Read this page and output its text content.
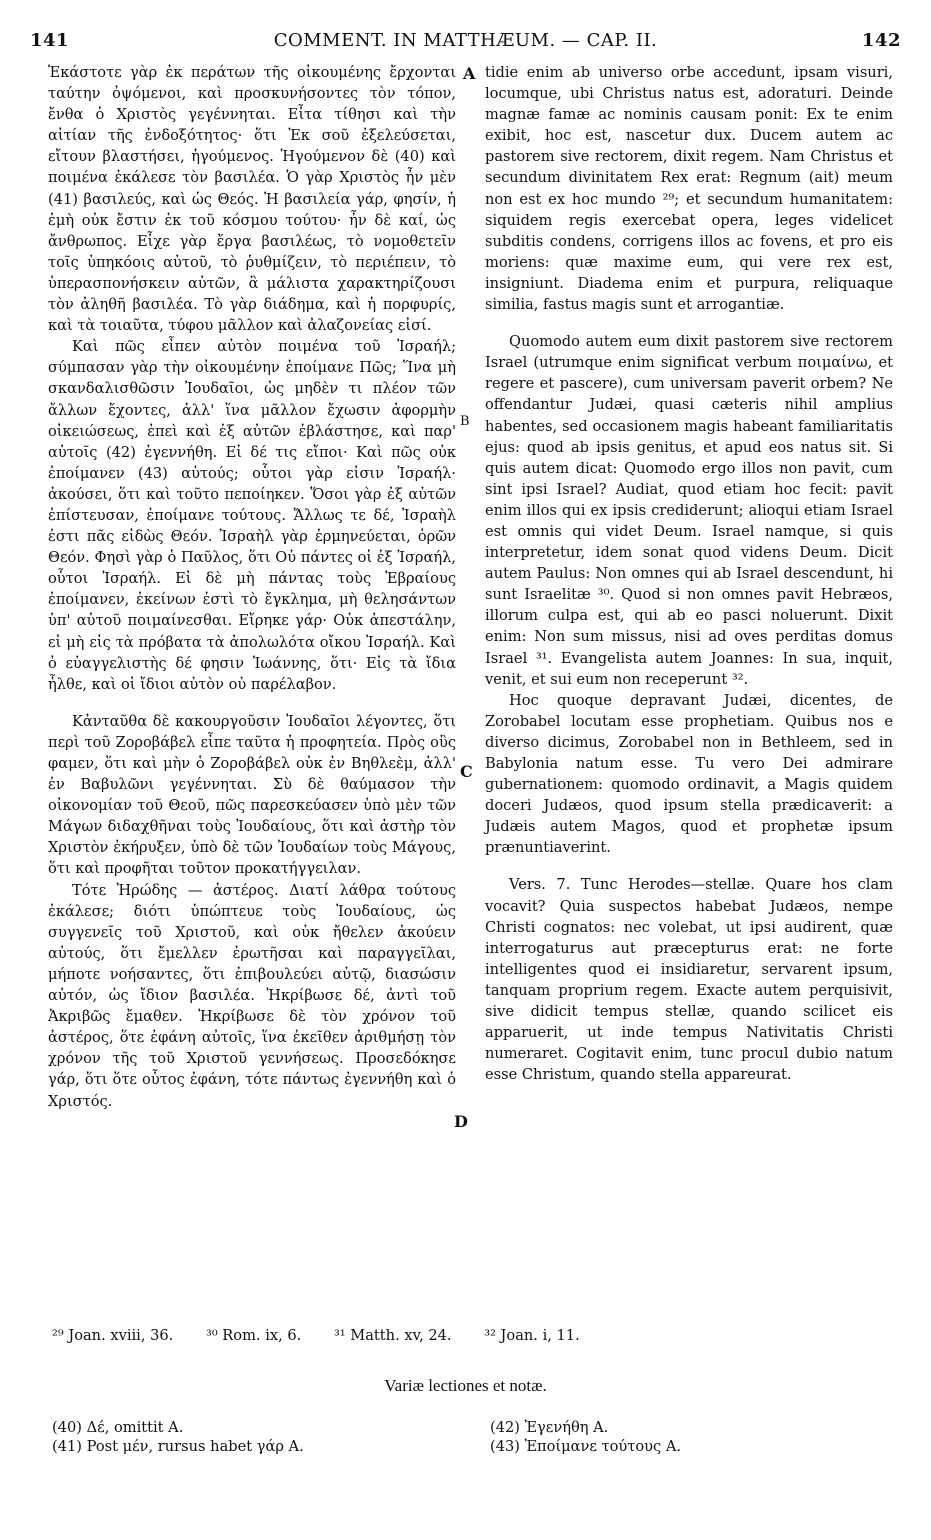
141	COMMENT. IN MATTHÆUM. — CAP. II.	142
A
B
C
D

Ἑκάστοτε γὰρ ἐκ περάτων τῆς οἰκουμένης ἔρχονται ταύτην ὀψόμενοι, καὶ προσκυνήσοντες τὸν τόπον, ἔνθα ὁ Χριστὸς γεγέννηται. Εἶτα τίθησι καὶ τὴν αἰτίαν τῆς ἐνδοξότητος· ὅτι Ἐκ σοῦ ἐξελεύσεται, εἴτουν βλαστήσει, ἡγούμενος. Ἡγούμενον δὲ (40) καὶ ποιμένα ἐκάλεσε τὸν βασιλέα. Ὁ γὰρ Χριστὸς ἦν μὲν (41) βασιλεύς, καὶ ὡς Θεός. Ἡ βασιλεία γάρ, φησίν, ἡ ἐμὴ οὐκ ἔστιν ἐκ τοῦ κόσμου τούτου· ἦν δὲ καί, ὡς ἄνθρωπος. Εἶχε γὰρ ἔργα βασιλέως, τὸ νομοθετεῖν τοῖς ὑπηκόοις αὐτοῦ, τὸ ῥυθμίζειν, τὸ περιέπειν, τὸ ὑπερασπονήσκειν αὐτῶν, ἃ μάλιστα χαρακτηρίζουσι τὸν ἀληθῆ βασιλέα. Τὸ γὰρ διάδημα, καὶ ἡ πορφυρίς, καὶ τὰ τοιαῦτα, τύφου μᾶλλον καὶ ἀλαζονείας εἰσί.

Καὶ πῶς εἶπεν αὐτὸν ποιμένα τοῦ Ἰσραήλ; σύμπασαν γὰρ τὴν οἰκουμένην ἐποίμανε Πῶς; Ἵνα μὴ σκανδαλισθῶσιν Ἰουδαῖοι, ὡς μηδὲν τι πλέον τῶν ἄλλων ἔχοντες, ἀλλ' ἵνα μᾶλλον ἔχωσιν ἀφορμὴν οἰκειώσεως, ἐπεὶ καὶ ἐξ αὐτῶν ἐβλάστησε, καὶ παρ' αὐτοῖς (42) ἐγεννήθη. Εἰ δέ τις εἴποι· Καὶ πῶς οὐκ ἐποίμανεν (43) αὐτούς; οὗτοι γὰρ εἰσιν Ἰσραήλ· ἀκούσει, ὅτι καὶ τοῦτο πεποίηκεν. Ὅσοι γὰρ ἐξ αὐτῶν ἐπίστευσαν, ἐποίμανε τούτους. Ἄλλως τε δέ, Ἰσραὴλ ἐστι πᾶς εἰδὼς Θεόν. Ἰσραὴλ γὰρ ἑρμηνεύεται, ὁρῶν Θεόν. Φησὶ γὰρ ὁ Παῦλος, ὅτι Οὐ πάντες οἱ ἐξ Ἰσραήλ, οὗτοι Ἰσραήλ. Εἰ δὲ μὴ πάντας τοὺς Ἑβραίους ἐποίμανεν, ἐκείνων ἐστὶ τὸ ἔγκλημα, μὴ θελησάντων ὑπ' αὐτοῦ ποιμαίνεσθαι. Εἴρηκε γάρ· Οὐκ ἀπεστάλην, εἰ μὴ εἰς τὰ πρόβατα τὰ ἀπολωλότα οἴκου Ἰσραήλ. Καὶ ὁ εὐαγγελιστὴς δέ φησιν Ἰωάννης, ὅτι· Εἰς τὰ ἴδια ἦλθε, καὶ οἱ ἴδιοι αὐτὸν οὐ παρέλαβον.

Κἀνταῦθα δὲ κακουργοῦσιν Ἰουδαῖοι λέγοντες, ὅτι περὶ τοῦ Ζοροβάβελ εἶπε ταῦτα ἡ προφητεία. Πρὸς οὓς φαμεν, ὅτι καὶ μὴν ὁ Ζοροβάβελ οὐκ ἐν Βηθλεὲμ, ἀλλ' ἐν Βαβυλῶνι γεγέννηται. Σὺ δὲ θαύμασον τὴν οἰκονομίαν τοῦ Θεοῦ, πῶς παρεσκεύασεν ὑπὸ μὲν τῶν Μάγων διδαχθῆναι τοὺς Ἰουδαίους, ὅτι καὶ ἀστὴρ τὸν Χριστὸν ἐκήρυξεν, ὑπὸ δὲ τῶν Ἰουδαίων τοὺς Μάγους, ὅτι καὶ προφῆται τοῦτον προκατήγγειλαν.

Τότε Ἡρώδης — ἀστέρος. Διατί λάθρα τούτους ἐκάλεσε; διότι ὑπώπτευε τοὺς Ἰουδαίους, ὡς συγγενεῖς τοῦ Χριστοῦ, καὶ οὐκ ἤθελεν ἀκούειν αὐτούς, ὅτι ἔμελλεν ἐρωτῆσαι καὶ παραγγεῖλαι, μήποτε νοήσαντες, ὅτι ἐπιβουλεύει αὐτῷ, διασώσιν αὐτόν, ὡς ἴδιον βασιλέα. Ἠκρίβωσε δέ, ἀντὶ τοῦ Ἀκριβῶς ἔμαθεν. Ἠκρίβωσε δὲ τὸν χρόνον τοῦ ἀστέρος, ὅτε ἐφάνη αὐτοῖς, ἵνα ἐκεῖθεν ἀριθμήσῃ τὸν χρόνον τῆς τοῦ Χριστοῦ γεννήσεως. Προσεδόκησε γάρ, ὅτι ὅτε οὗτος ἐφάνη, τότε πάντως ἐγεννήθη καὶ ὁ Χριστός.

tidie enim ab universo orbe accedunt, ipsam visuri, locumque, ubi Christus natus est, adoraturi. Deinde magnæ famæ ac nominis causam ponit: Ex te enim exibit, hoc est, nascetur dux. Ducem autem ac pastorem sive rectorem, dixit regem. Nam Christus et secundum divinitatem Rex erat: Regnum (ait) meum non est ex hoc mundo ²⁹; et secundum humanitatem: siquidem regis exercebat opera, leges videlicet subditis condens, corrigens illos ac fovens, et pro eis moriens: quæ maxime eum, qui vere rex est, insigniunt. Diadema enim et purpura, reliquaque similia, fastus magis sunt et arrogantiæ.

Quomodo autem eum dixit pastorem sive rectorem Israel (utrumque enim significat verbum ποιμαίνω, et regere et pascere), cum universam paverit orbem? Ne offendantur Judæi, quasi cæteris nihil amplius habentes, sed occasionem magis habeant familiaritatis ejus: quod ab ipsis genitus, et apud eos natus sit. Si quis autem dicat: Quomodo ergo illos non pavit, cum sint ipsi Israel? Audiat, quod etiam hoc fecit: pavit enim illos qui ex ipsis crediderunt; alioqui etiam Israel est omnis qui videt Deum. Israel namque, si quis interpretetur, idem sonat quod videns Deum. Dicit autem Paulus: Non omnes qui ab Israel descendunt, hi sunt Israelitæ ³⁰. Quod si non omnes pavit Hebræos, illorum culpa est, qui ab eo pasci noluerunt. Dixit enim: Non sum missus, nisi ad oves perditas domus Israel ³¹. Evangelista autem Joannes: In sua, inquit, venit, et sui eum non receperunt ³².

Hoc quoque depravant Judæi, dicentes, de Zorobabel locutam esse prophetiam. Quibus nos e diverso dicimus, Zorobabel non in Bethleem, sed in Babylonia natum esse. Tu vero Dei admirare gubernationem: quomodo ordinavit, a Magis quidem doceri Judæos, quod ipsum stella prædicaverit: a Judæis autem Magos, quod et prophetæ ipsum prænuntiaverint.

Vers. 7. Tunc Herodes—stellæ. Quare hos clam vocavit? Quia suspectos habebat Judæos, nempe Christi cognatos: nec volebat, ut ipsi audirent, quæ interrogaturus aut præcepturus erat: ne forte intelligentes quod ei insidiaretur, servarent ipsum, tanquam proprium regem. Exacte autem perquisivit, sive didicit tempus stellæ, quando scilicet eis apparuerit, ut inde tempus Nativitatis Christi numeraret. Cogitavit enim, tunc procul dubio natum esse Christum, quando stella appareurat.

²⁹ Joan. xviii, 36. ³⁰ Rom. ix, 6. ³¹ Matth. xv, 24. ³² Joan. i, 11.
Variæ lectiones et notæ.
(40) Δέ, omittit A.
(41) Post μέν, rursus habet γάρ A.
(42) Ἐγενήθη A.
(43) Ἐποίμανε τούτους A.
